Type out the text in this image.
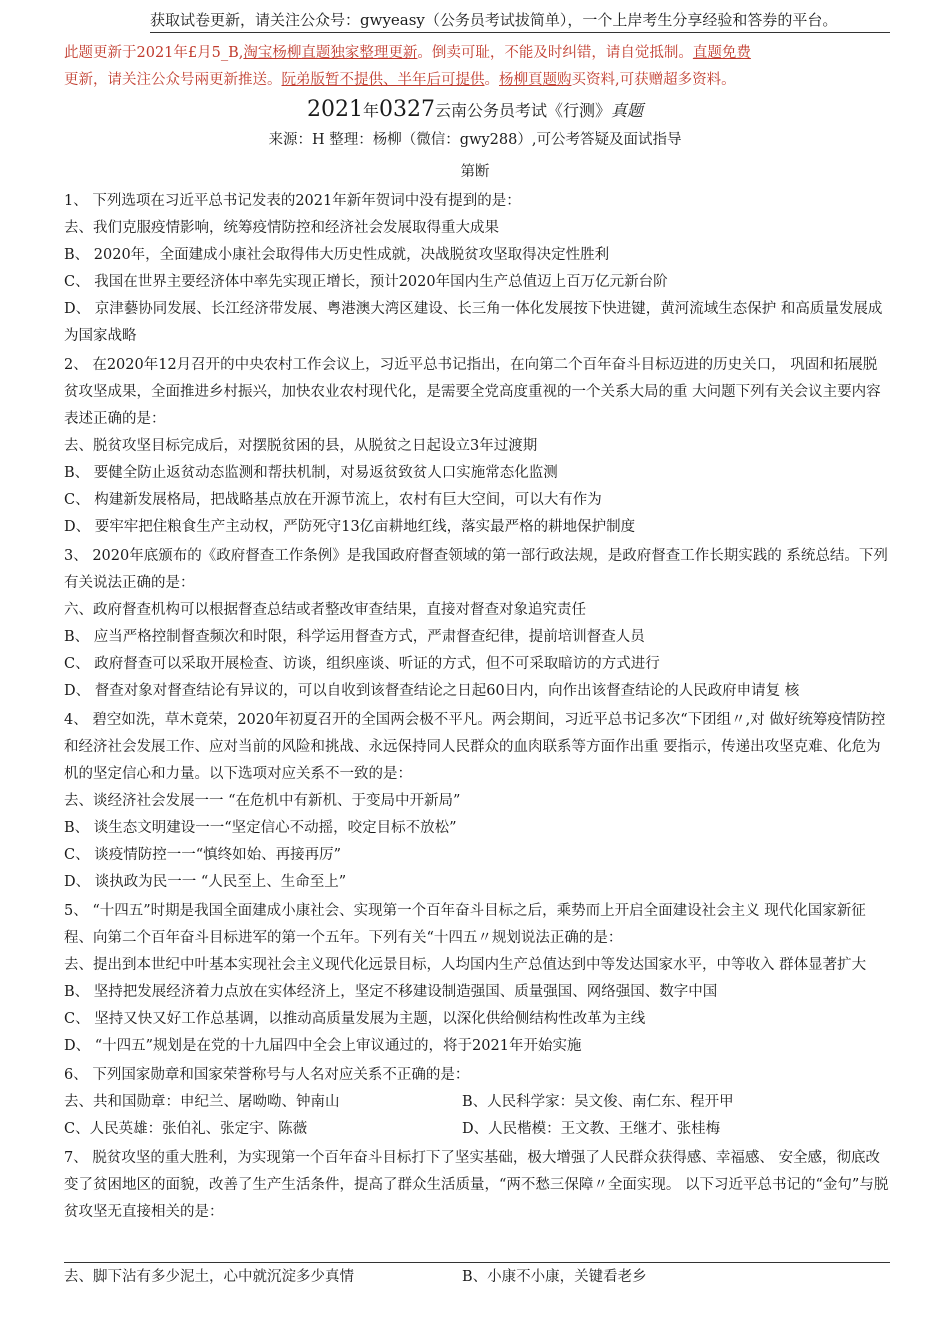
获取试卷更新，请关注公众号：gwyeasy（公务员考试拔简单），一个上岸考生分享经验和答券的平台。
此题更新于2021年£月5_B,淘宝杨柳直题独家整理更新。倒卖可耻，不能及时纠错，请自觉抵制。直题免费
更新，请关注公众号兩更新推送。阮弟版暂不提供、半年后可提供。杨柳頁题购买资料,可获赠超多资料。
2021年0327云南公务员考试《行测》真题
来源：H 整理：杨柳（微信：gwy288）,可公考答疑及面试指导
第断
1、 下列选项在习近平总书记发表的2021年新年贺词中没有提到的是：
去、我们克服疫情影响，统筹疫情防控和经济社会发展取得重大成果
B、 2020年，全面建成小康社会取得伟大历史性成就，决战脱贫攻坚取得决定性胜利
C、 我国在世界主要经济体中率先实现正增长，预计2020年国内生产总值迈上百万亿元新台阶
D、 京津藝协同发展、长江经济带发展、粤港澳大湾区建设、长三角一体化发展按下快进键，黄河流域生态保护 和高质量发展成为国家战略
2、 在2020年12月召开的中央农村工作会议上，习近平总书记指出，在向第二个百年奋斗目标迈进的历史关口， 巩固和拓展脱贫攻坚成果，全面推进乡村振兴，加快农业农村现代化，是需要全党高度重视的一个关系大局的重 大问题下列有关会议主要内容表述正确的是：
去、脱贫攻坚目标完成后，对摆脱贫困的县，从脱贫之日起设立3年过渡期
B、 要健全防止返贫动态监测和帮扶机制，对易返贫致贫人口实施常态化监测
C、 构建新发展格局，把战略基点放在开源节流上，农村有巨大空间，可以大有作为
D、 要牢牢把住粮食生产主动权，严防死守13亿亩耕地红线，落实最严格的耕地保护制度
3、 2020年底颁布的《政府督查工作条例》是我国政府督查领域的第一部行政法规，是政府督查工作长期实践的 系统总结。下列有关说法正确的是：
六、政府督查机构可以根据督查总结或者整改审查结果，直接对督查对象追究责任
B、 应当严格控制督查频次和时限，科学运用督查方式，严肃督查纪律，提前培训督查人员
C、 政府督查可以采取开展检查、访谈，组织座谈、听证的方式，但不可采取暗访的方式进行
D、 督查对象对督查结论有异议的，可以自收到该督查结论之日起60日内，向作出该督查结论的人民政府申请复 核
4、 碧空如洗，草木竟荣，2020年初夏召开的全国两会极不平凡。两会期间，习近平总书记多次“下团组〃,对 做好统筹疫情防控和经济社会发展工作、应对当前的风险和挑战、永远保持同人民群众的血肉联系等方面作出重 要指示，传递出攻坚克难、化危为机的坚定信心和力量。以下选项对应关系不一致的是：
去、谈经济社会发展一一 “在危机中有新机、于变局中开新局”
B、 谈生态文明建设一一“坚定信心不动摇，咬定目标不放松”
C、 谈疫情防控一一“慎终如始、再接再厉”
D、 谈执政为民一一 “人民至上、生命至上”
5、 “十四五”时期是我国全面建成小康社会、实现第一个百年奋斗目标之后，乘势而上开启全面建设社会主义 现代化国家新征程、向第二个百年奋斗目标进军的第一个五年。下列有关“十四五〃规划说法正确的是：
去、提出到本世纪中叶基本实现社会主义现代化远景目标，人均国内生产总值达到中等发达国家水平，中等收入 群体显著扩大
B、 坚持把发展经济着力点放在实体经济上，坚定不移建设制造强国、质量强国、网络强国、数字中国
C、 坚持又快又好工作总基调，以推动高质量发展为主题，以深化供给侧结构性改革为主线
D、 “十四五”规划是在党的十九届四中全会上审议通过的，将于2021年开始实施
6、 下列国家勋章和国家荣誉称号与人名对应关系不正确的是：
去、共和国勋章：申纪兰、屠呦呦、钟南山	B、人民科学家：吴文俊、南仁东、程开甲
C、人民英雄：张伯礼、张定宇、陈薇	D、人民楷模：王文教、王继才、张桂梅
7、 脱贫攻坚的重大胜利，为实现第一个百年奋斗目标打下了坚实基础，极大增强了人民群众获得感、幸福感、 安全感，彻底改变了贫困地区的面貌，改善了生产生活条件，提高了群众生活质量，“两不愁三保障〃全面实现。 以下习近平总书记的“金句”与脱贫攻坚无直接相关的是：
去、脚下沾有多少泥土，心中就沉淀多少真情	B、小康不小康，关键看老乡
